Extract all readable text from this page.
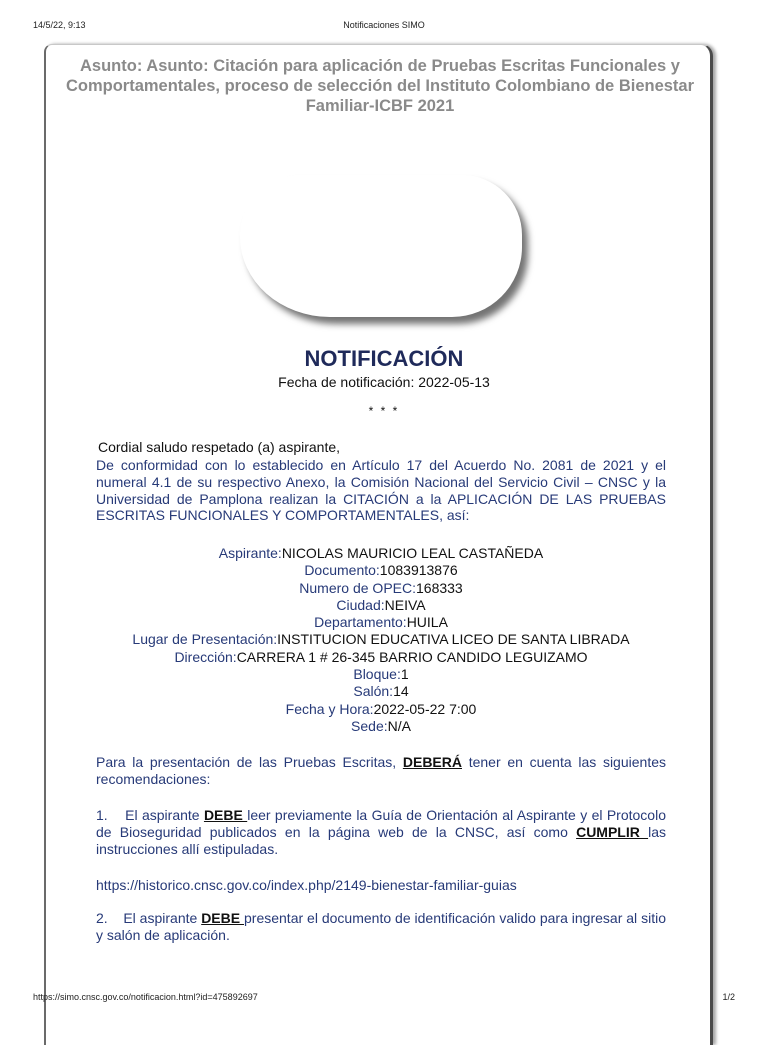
14/5/22, 9:13	Notificaciones SIMO
Asunto: Asunto: Citación para aplicación de Pruebas Escritas Funcionales y Comportamentales, proceso de selección del Instituto Colombiano de Bienestar Familiar-ICBF 2021
NOTIFICACIÓN
Fecha de notificación: 2022-05-13
* * *
Cordial saludo respetado (a) aspirante,
De conformidad con lo establecido en Artículo 17 del Acuerdo No. 2081 de 2021 y el numeral 4.1 de su respectivo Anexo, la Comisión Nacional del Servicio Civil – CNSC y la Universidad de Pamplona realizan la CITACIÓN a la APLICACIÓN DE LAS PRUEBAS ESCRITAS FUNCIONALES Y COMPORTAMENTALES, así:
Aspirante:NICOLAS MAURICIO LEAL CASTAÑEDA
Documento:1083913876
Numero de OPEC:168333
Ciudad:NEIVA
Departamento:HUILA
Lugar de Presentación:INSTITUCION EDUCATIVA LICEO DE SANTA LIBRADA
Dirección:CARRERA 1 # 26-345 BARRIO CANDIDO LEGUIZAMO
Bloque:1
Salón:14
Fecha y Hora:2022-05-22 7:00
Sede:N/A
Para la presentación de las Pruebas Escritas, DEBERÁ tener en cuenta las siguientes recomendaciones:
1. El aspirante DEBE leer previamente la Guía de Orientación al Aspirante y el Protocolo de Bioseguridad publicados en la página web de la CNSC, así como CUMPLIR las instrucciones allí estipuladas.
https://historico.cnsc.gov.co/index.php/2149-bienestar-familiar-guias
2. El aspirante DEBE presentar el documento de identificación valido para ingresar al sitio y salón de aplicación.
https://simo.cnsc.gov.co/notificacion.html?id=475892697	1/2
